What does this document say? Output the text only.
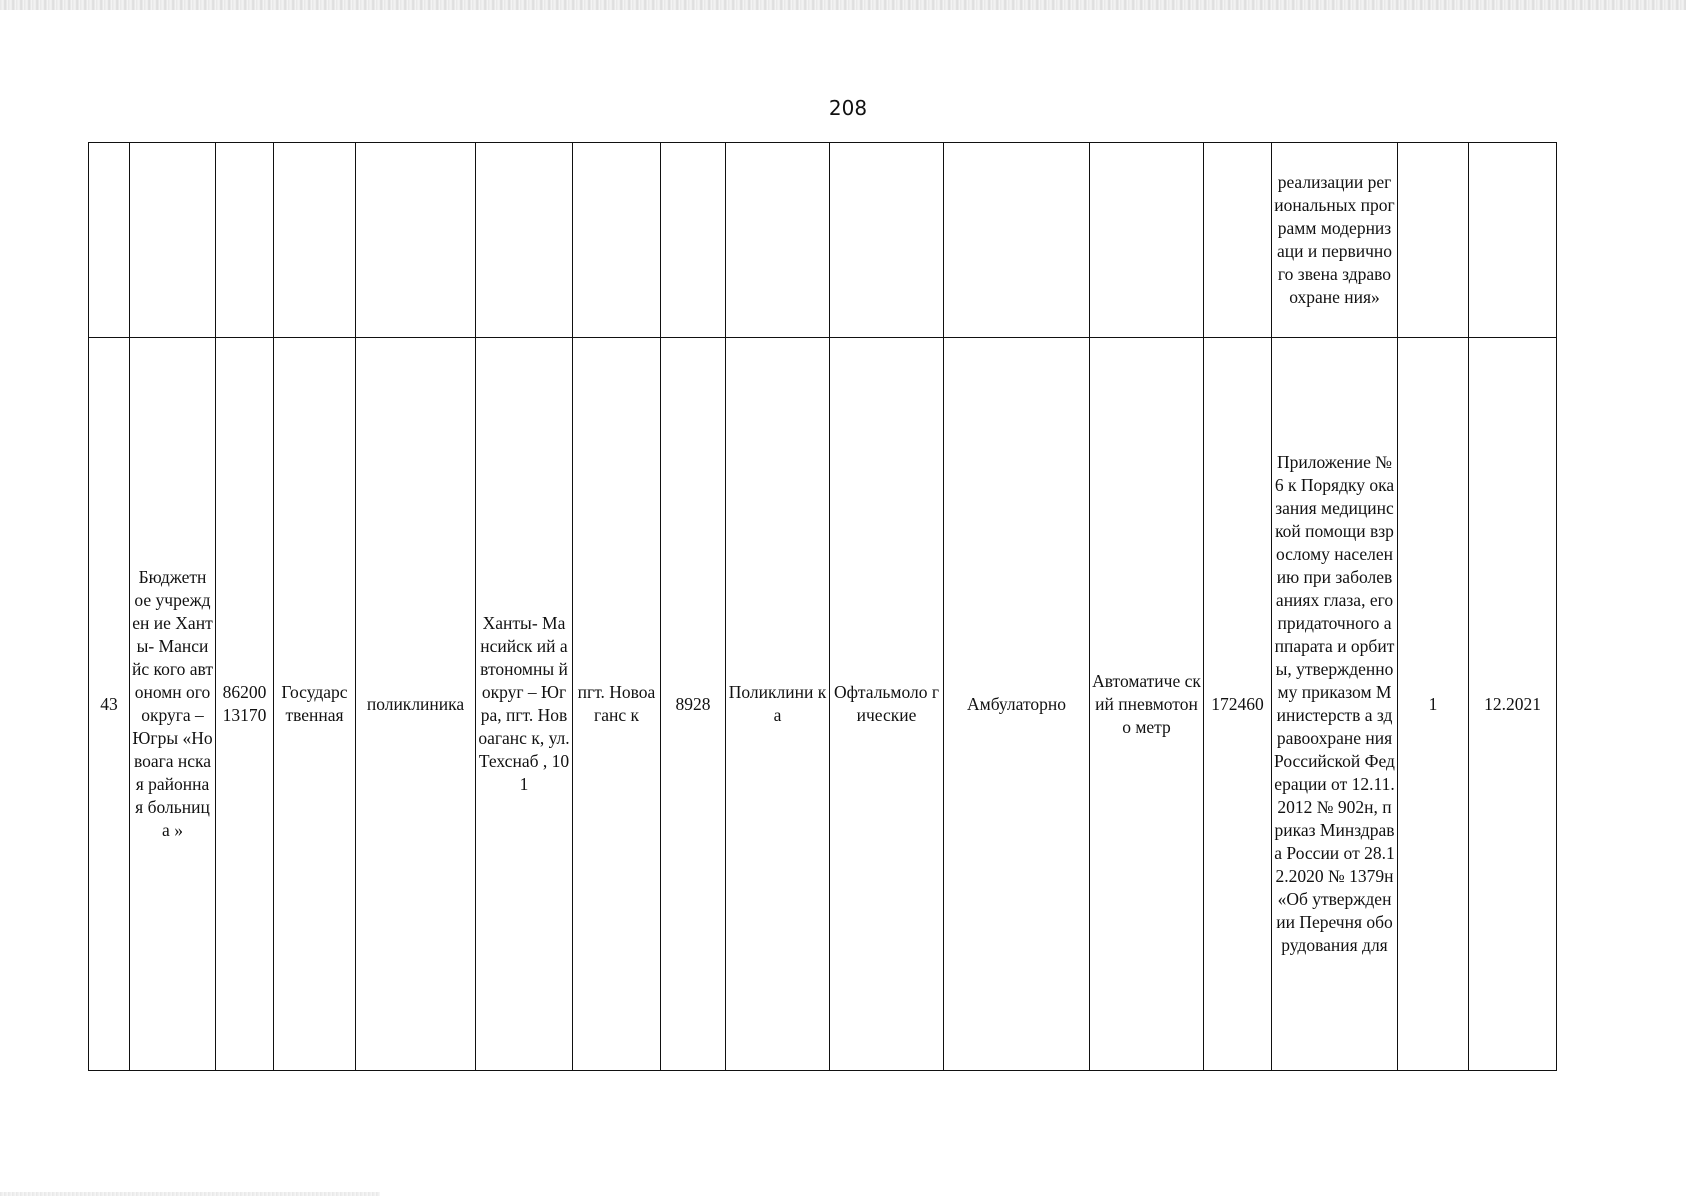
208

													реализации региональных программ модернизаци и первичного звена здравоохране ния»		

43	Бюджетн ое учрежден ие Ханты- Мансийс кого автономн ого округа – Югры «Новоага нская районная больница »	86200 13170	Государс твенная	поликлиника	Ханты- Мансийск ий автономны й округ – Югра, пгт. Новоаганс к, ул.Техснаб , 101	пгт. Новоаганс к	8928	Поликлини ка	Офтальмоло гические	Амбулаторно	Автоматиче ский пневмотоно метр	172460	Приложение № 6 к Порядку оказания медицинской помощи взрослому населению при заболеваниях глаза, его придаточного аппарата и орбиты, утвержденно му приказом Министерств а здравоохране ния Российской Федерации от 12.11.2012 № 902н, приказ Минздрава России от 28.12.2020 № 1379н «Об утверждении Перечня оборудования для	1	12.2021
